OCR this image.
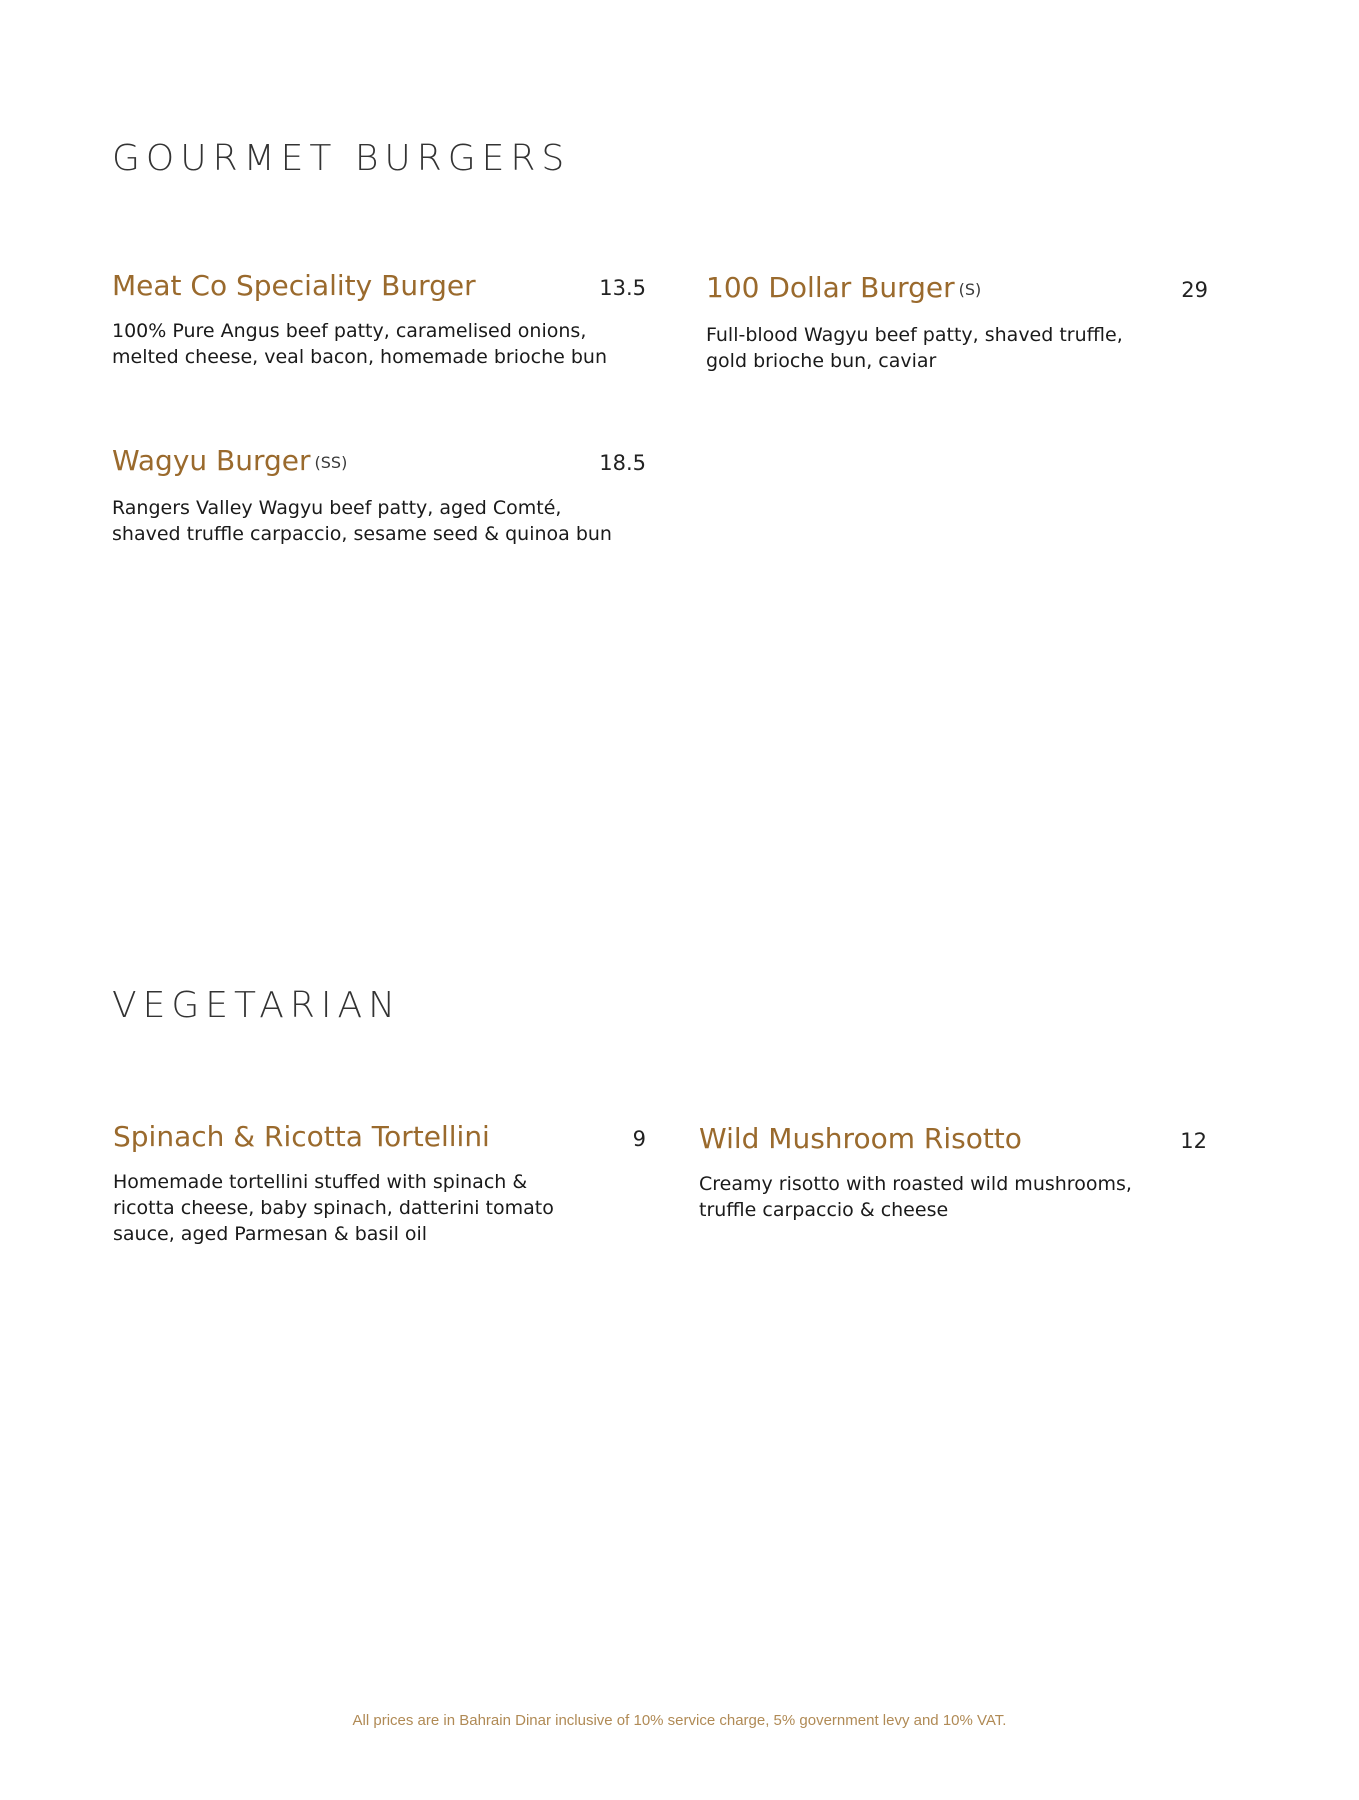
GOURMET BURGERS
Meat Co Speciality Burger	13.5

100% Pure Angus beef patty, caramelised onions,
melted cheese, veal bacon, homemade brioche bun

100 Dollar Burger (S)	29

Full-blood Wagyu beef patty, shaved truffle,
gold brioche bun, caviar

Wagyu Burger (SS)	18.5

Rangers Valley Wagyu beef patty, aged Comté,
shaved truffle carpaccio, sesame seed & quinoa bun

VEGETARIAN
Spinach & Ricotta Tortellini	9

Homemade tortellini stuffed with spinach &
ricotta cheese, baby spinach, datterini tomato
sauce, aged Parmesan & basil oil

Wild Mushroom Risotto	12

Creamy risotto with roasted wild mushrooms,
truffle carpaccio & cheese

All prices are in Bahrain Dinar inclusive of 10% service charge, 5% government levy and 10% VAT.
